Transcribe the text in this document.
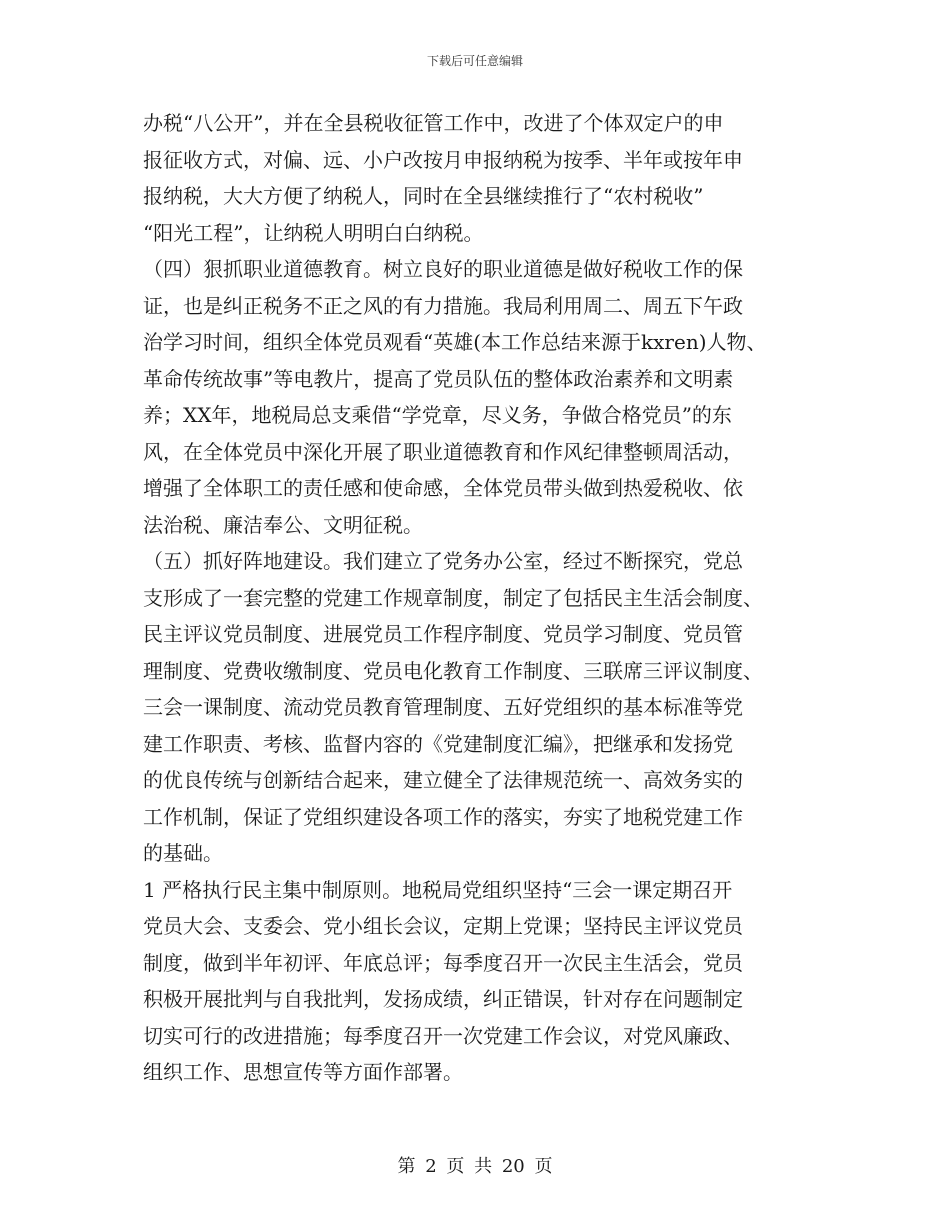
下载后可任意编辑

办税“八公开”，并在全县税收征管工作中，改进了个体双定户的申
报征收方式，对偏、远、小户改按月申报纳税为按季、半年或按年申
报纳税，大大方便了纳税人，同时在全县继续推行了“农村税收”
“阳光工程”，让纳税人明明白白纳税。
（四）狠抓职业道德教育。树立良好的职业道德是做好税收工作的保
证，也是纠正税务不正之风的有力措施。我局利用周二、周五下午政
治学习时间，组织全体党员观看“英雄(本工作总结来源于kxren)人物、
革命传统故事”等电教片，提高了党员队伍的整体政治素养和文明素
养；XX年，地税局总支乘借“学党章，尽义务，争做合格党员”的东
风，在全体党员中深化开展了职业道德教育和作风纪律整顿周活动，
增强了全体职工的责任感和使命感，全体党员带头做到热爱税收、依
法治税、廉洁奉公、文明征税。
（五）抓好阵地建设。我们建立了党务办公室，经过不断探究，党总
支形成了一套完整的党建工作规章制度，制定了包括民主生活会制度、
民主评议党员制度、进展党员工作程序制度、党员学习制度、党员管
理制度、党费收缴制度、党员电化教育工作制度、三联席三评议制度、
三会一课制度、流动党员教育管理制度、五好党组织的基本标准等党
建工作职责、考核、监督内容的《党建制度汇编》，把继承和发扬党
的优良传统与创新结合起来，建立健全了法律规范统一、高效务实的
工作机制，保证了党组织建设各项工作的落实，夯实了地税党建工作
的基础。
1 严格执行民主集中制原则。地税局党组织坚持“三会一课定期召开
党员大会、支委会、党小组长会议，定期上党课；坚持民主评议党员
制度，做到半年初评、年底总评；每季度召开一次民主生活会，党员
积极开展批判与自我批判，发扬成绩，纠正错误，针对存在问题制定
切实可行的改进措施；每季度召开一次党建工作会议，对党风廉政、
组织工作、思想宣传等方面作部署。

第 2 页 共 20 页
